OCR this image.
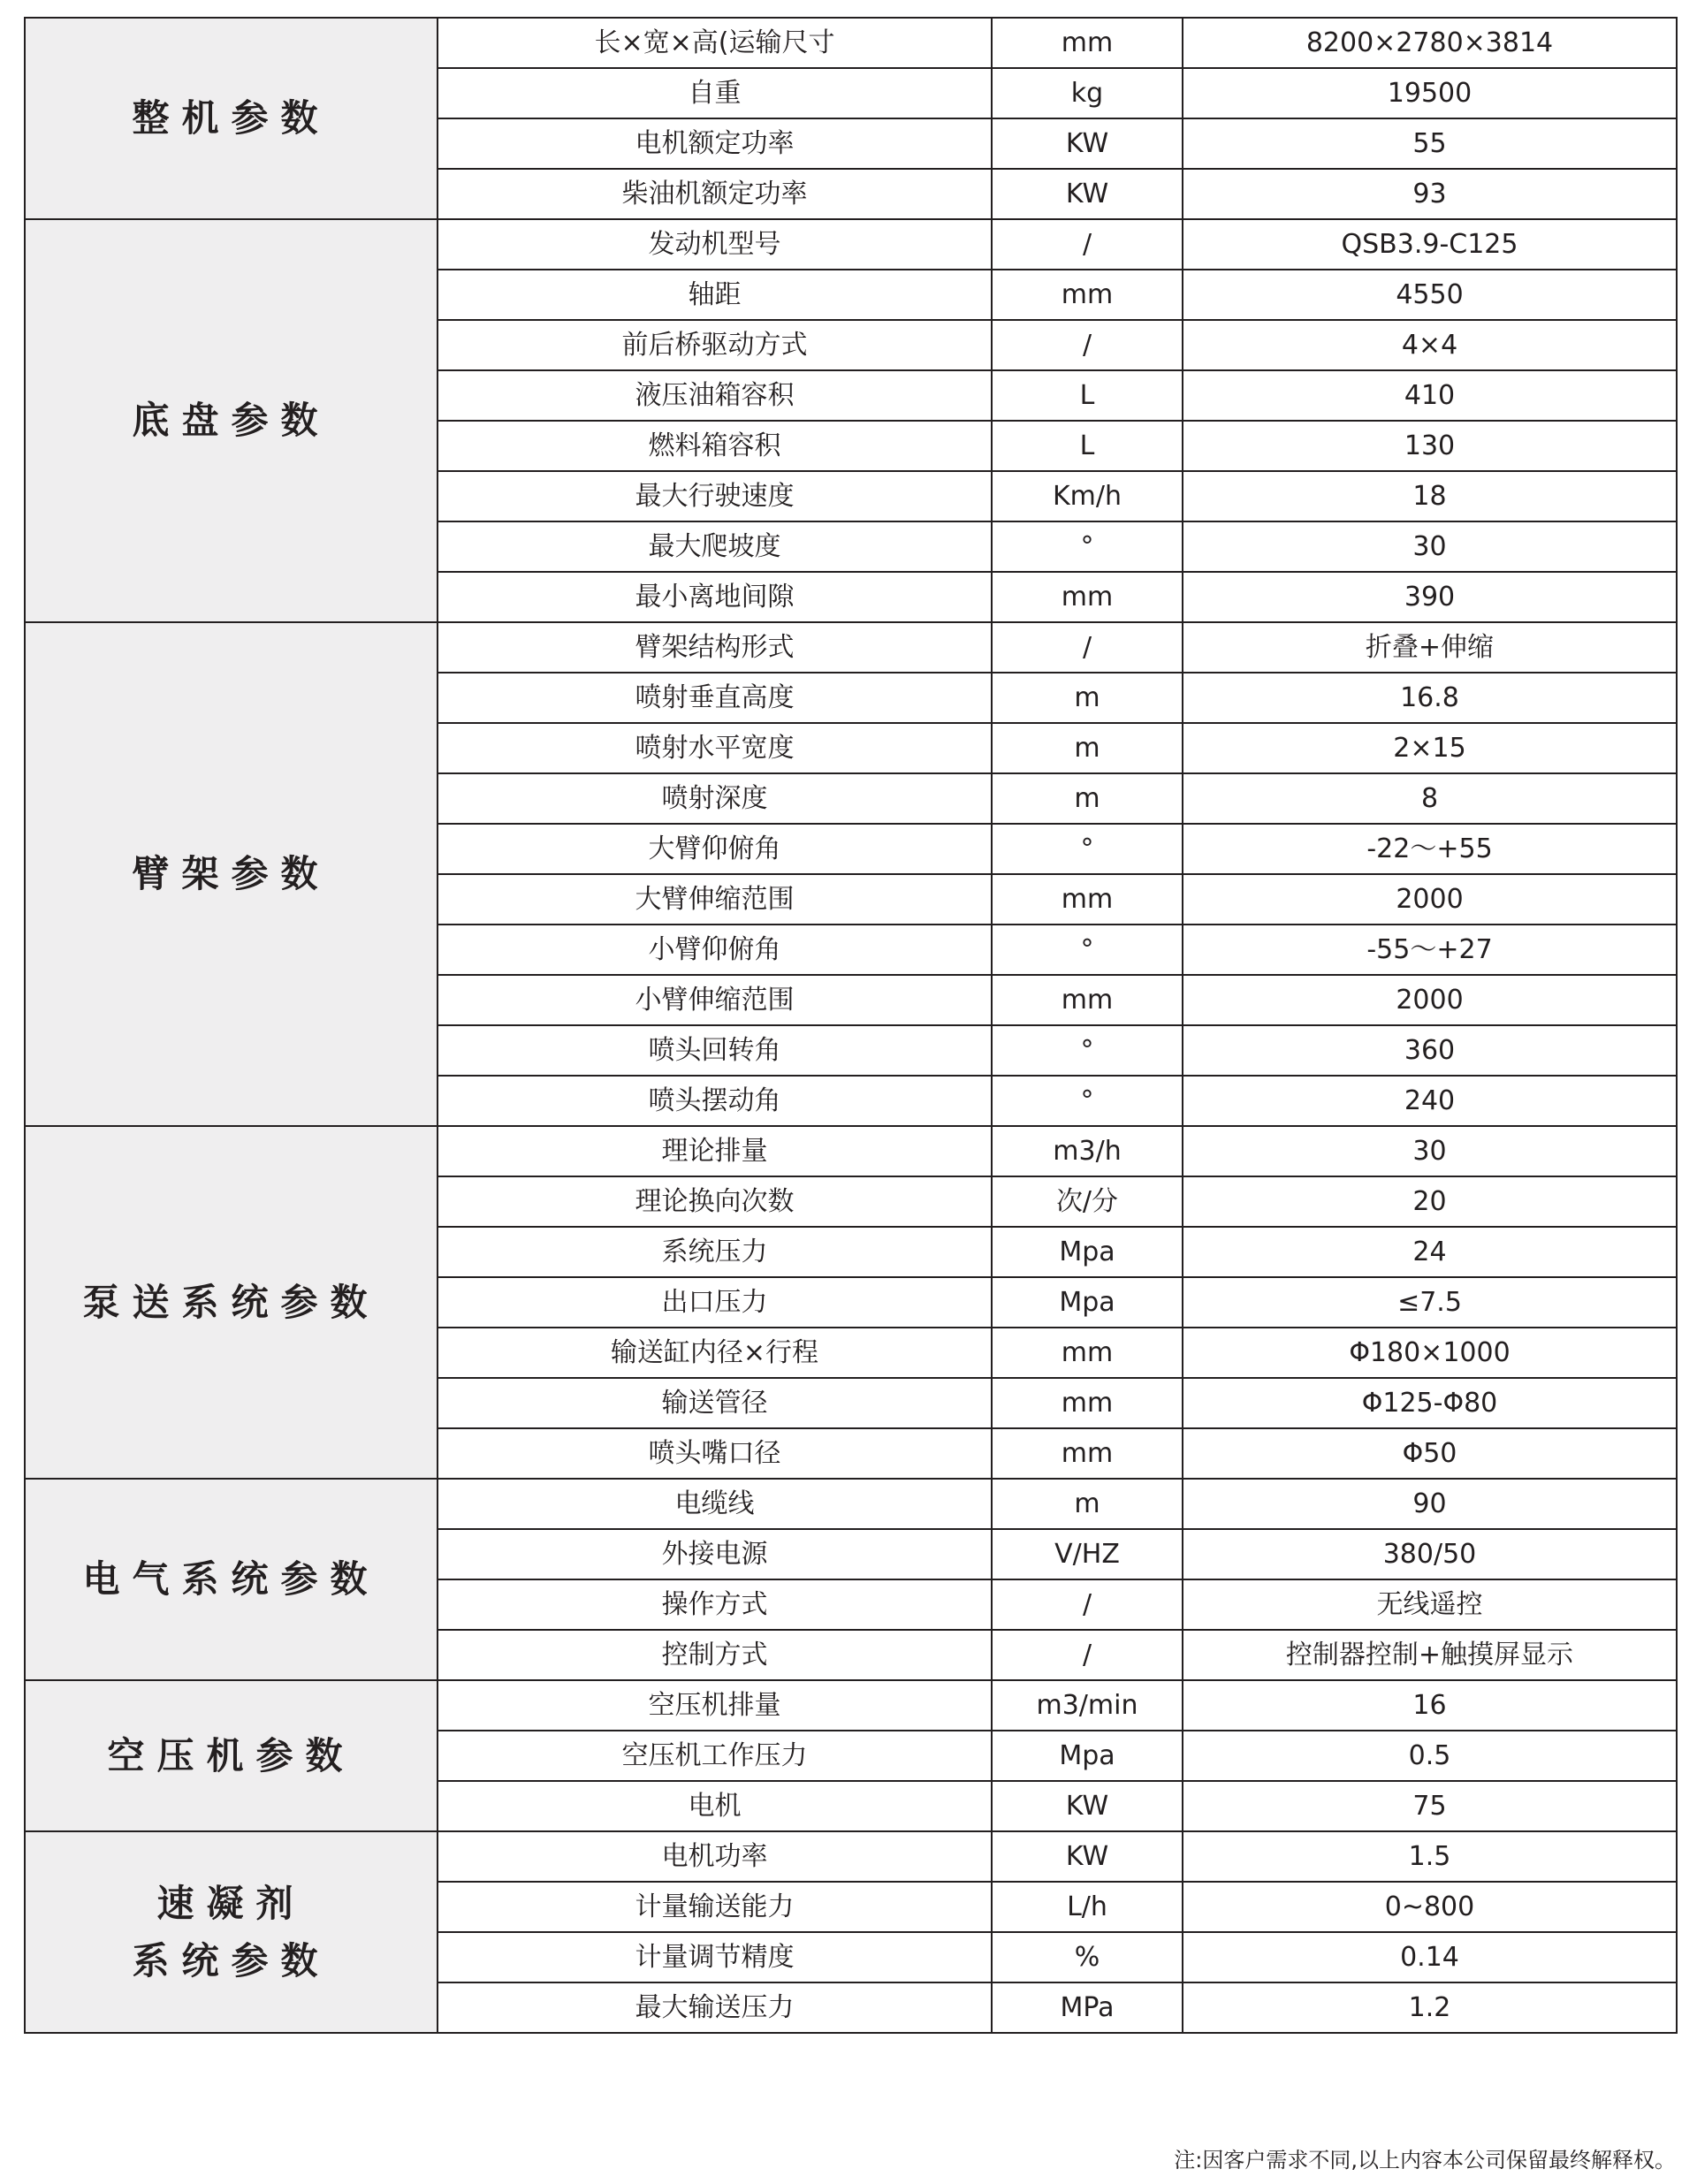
整机参数	长×宽×高(运输尺寸	mm	8200×2780×3814
	自重	kg	19500
	电机额定功率	KW	55
	柴油机额定功率	KW	93

底盘参数	发动机型号	/	QSB3.9-C125
	轴距	mm	4550
	前后桥驱动方式	/	4×4
	液压油箱容积	L	410
	燃料箱容积	L	130
	最大行驶速度	Km/h	18
	最大爬坡度	°	30
	最小离地间隙	mm	390

臂架参数	臂架结构形式	/	折叠+伸缩
	喷射垂直高度	m	16.8
	喷射水平宽度	m	2×15
	喷射深度	m	8
	大臂仰俯角	°	-22～+55
	大臂伸缩范围	mm	2000
	小臂仰俯角	°	-55～+27
	小臂伸缩范围	mm	2000
	喷头回转角	°	360
	喷头摆动角	°	240

泵送系统参数	理论排量	m3/h	30
	理论换向次数	次/分	20
	系统压力	Mpa	24
	出口压力	Mpa	≤7.5
	输送缸内径×行程	mm	Φ180×1000
	输送管径	mm	Φ125-Φ80
	喷头嘴口径	mm	Φ50

电气系统参数	电缆线	m	90
	外接电源	V/HZ	380/50
	操作方式	/	无线遥控
	控制方式	/	控制器控制+触摸屏显示

空压机参数	空压机排量	m3/min	16
	空压机工作压力	Mpa	0.5
	电机	KW	75

速凝剂
系统参数	电机功率	KW	1.5
	计量输送能力	L/h	0~800
	计量调节精度	%	0.14
	最大输送压力	MPa	1.2
注:因客户需求不同,以上内容本公司保留最终解释权。
